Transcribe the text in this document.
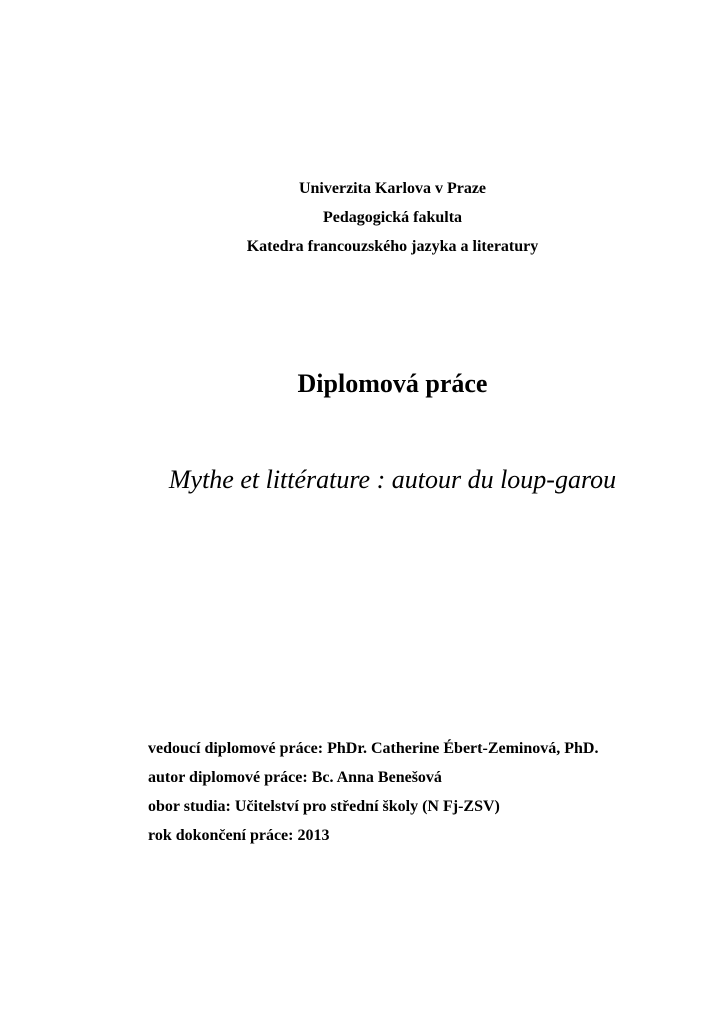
Univerzita Karlova v Praze
Pedagogická fakulta
Katedra francouzského jazyka a literatury
Diplomová práce
Mythe et littérature : autour du loup-garou
vedoucí diplomové práce: PhDr. Catherine Ébert-Zeminová, PhD.
autor diplomové práce: Bc. Anna Benešová
obor studia: Učitelství pro střední školy (N Fj-ZSV)
rok dokončení práce: 2013
